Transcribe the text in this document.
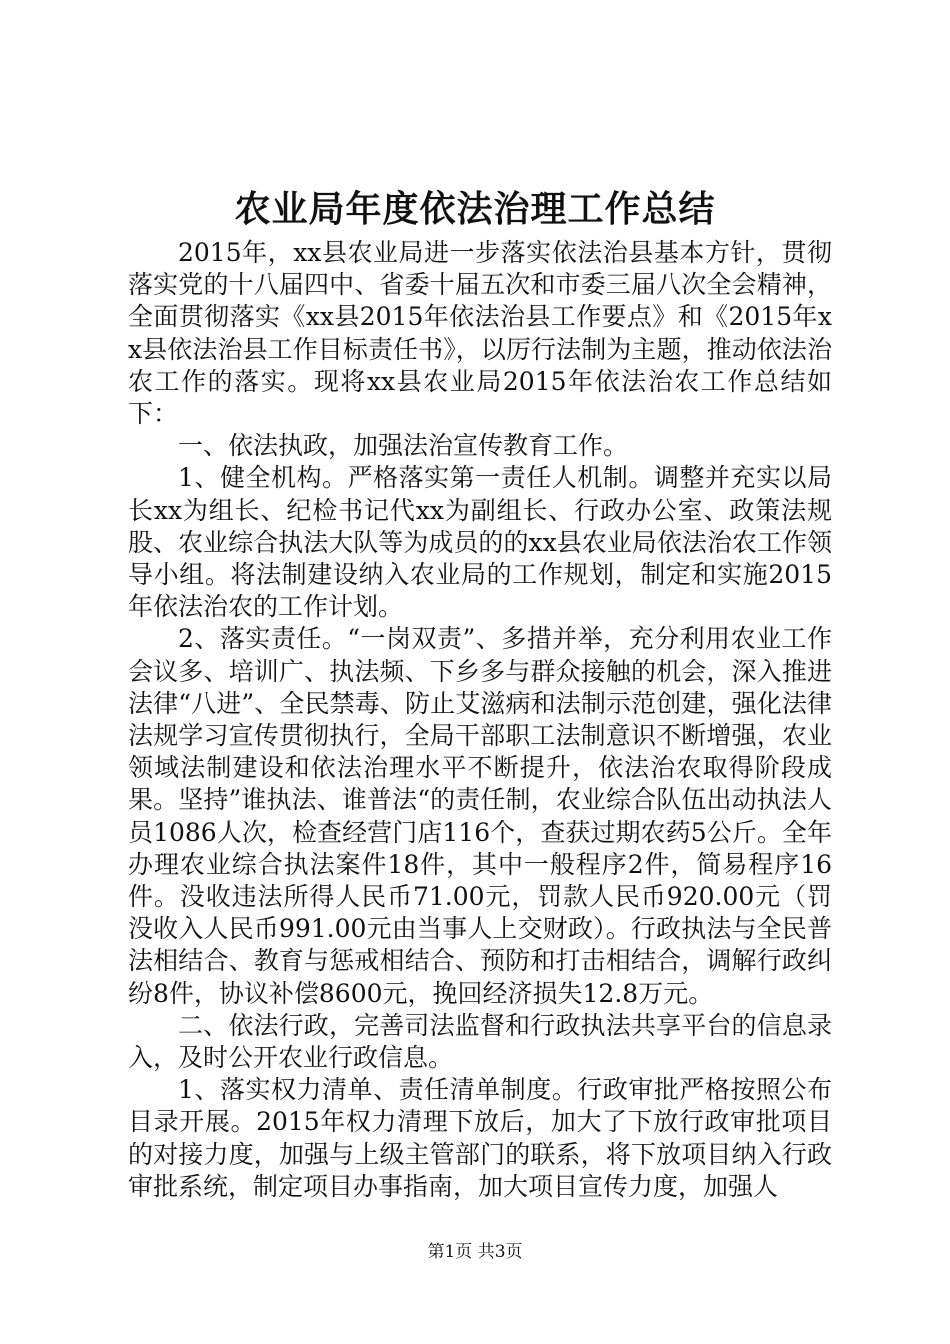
农业局年度依法治理工作总结

2015年，xx县农业局进一步落实依法治县基本方针，贯彻落实党的十八届四中、省委十届五次和市委三届八次全会精神，全面贯彻落实《xx县2015年依法治县工作要点》和《2015年xx县依法治县工作目标责任书》，以厉行法制为主题，推动依法治农工作的落实。现将xx县农业局2015年依法治农工作总结如下：

一、依法执政，加强法治宣传教育工作。

1、健全机构。严格落实第一责任人机制。调整并充实以局长xx为组长、纪检书记代xx为副组长、行政办公室、政策法规股、农业综合执法大队等为成员的的xx县农业局依法治农工作领导小组。将法制建设纳入农业局的工作规划，制定和实施2015年依法治农的工作计划。

2、落实责任。“一岗双责”、多措并举，充分利用农业工作会议多、培训广、执法频、下乡多与群众接触的机会，深入推进法律“八进”、全民禁毒、防止艾滋病和法制示范创建，强化法律法规学习宣传贯彻执行，全局干部职工法制意识不断增强，农业领域法制建设和依法治理水平不断提升，依法治农取得阶段成果。坚持”谁执法、谁普法“的责任制，农业综合队伍出动执法人员1086人次，检查经营门店116个，查获过期农药5公斤。全年办理农业综合执法案件18件，其中一般程序2件，简易程序16件。没收违法所得人民币71.00元，罚款人民币920.00元（罚没收入人民币991.00元由当事人上交财政）。行政执法与全民普法相结合、教育与惩戒相结合、预防和打击相结合，调解行政纠纷8件，协议补偿8600元，挽回经济损失12.8万元。

二、依法行政，完善司法监督和行政执法共享平台的信息录入，及时公开农业行政信息。

1、落实权力清单、责任清单制度。行政审批严格按照公布目录开展。2015年权力清理下放后，加大了下放行政审批项目的对接力度，加强与上级主管部门的联系，将下放项目纳入行政审批系统，制定项目办事指南，加大项目宣传力度，加强人

第1页 共3页
